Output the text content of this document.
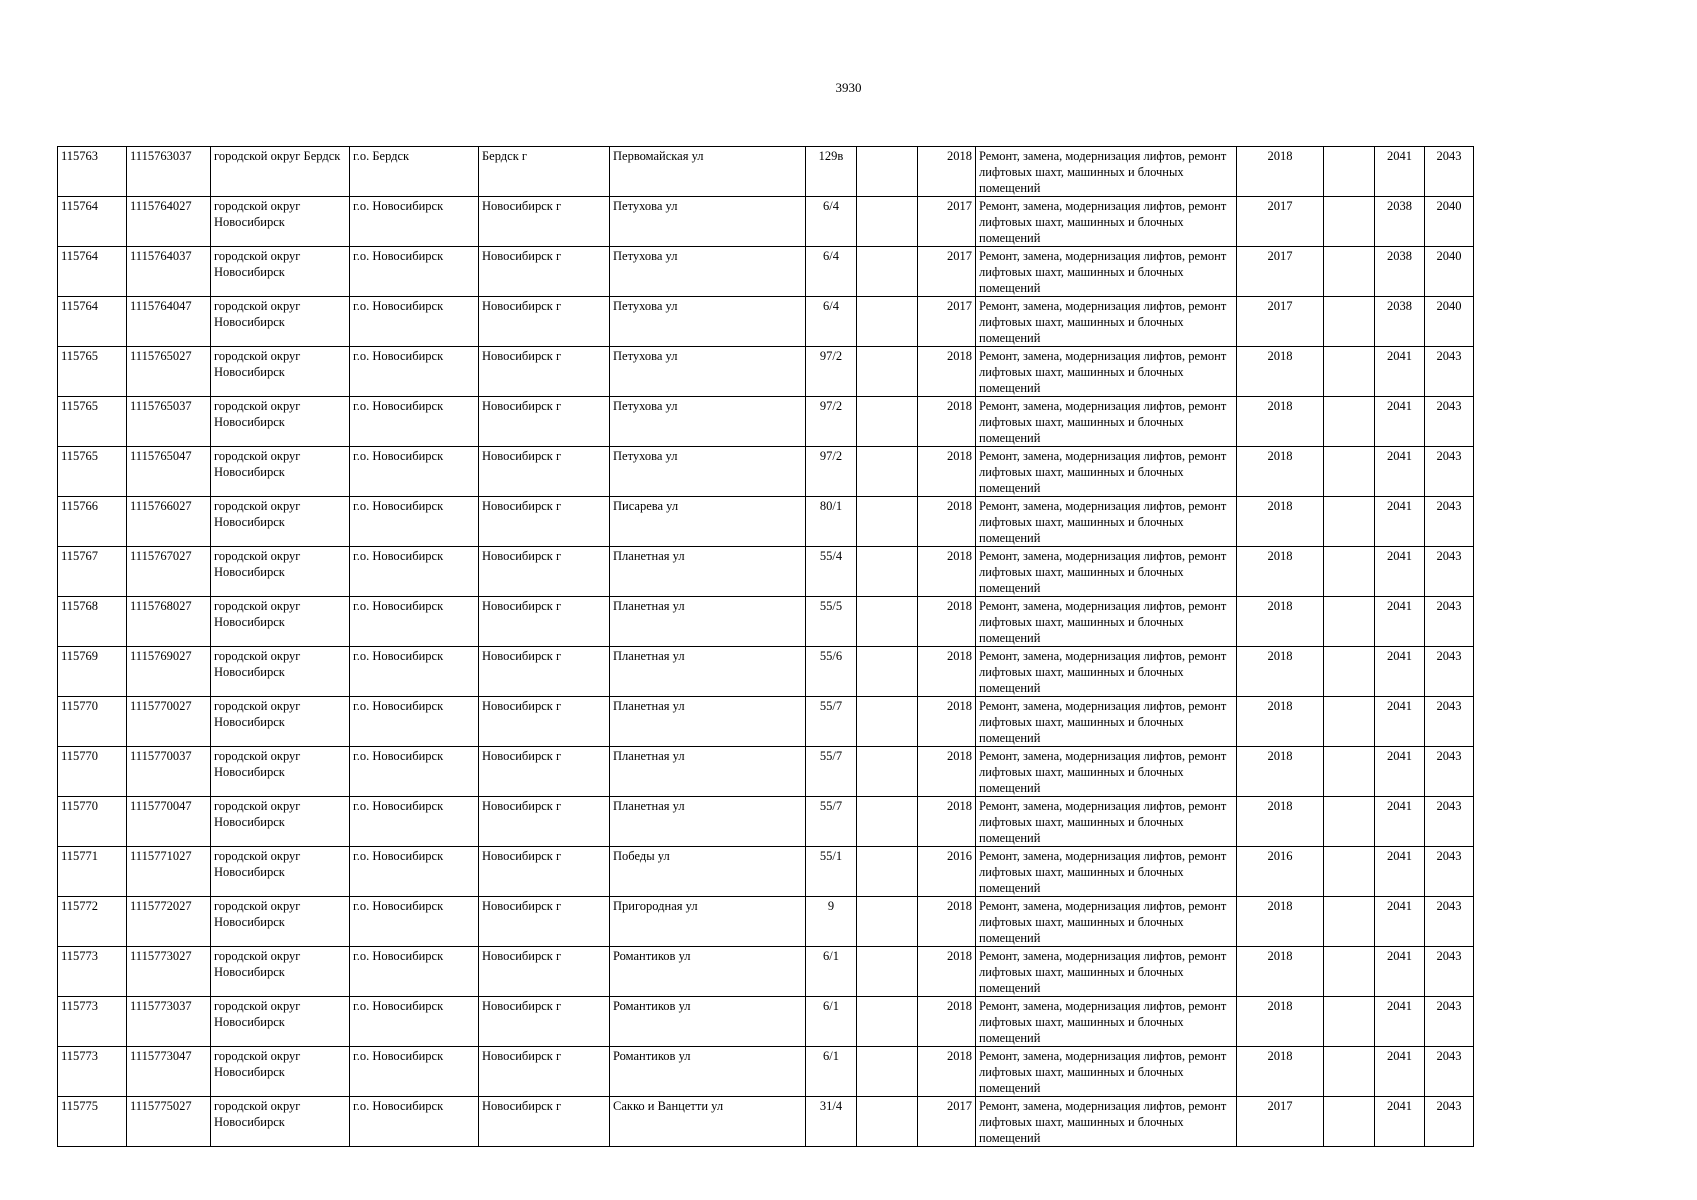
3930
115763	1115763037	городской округ Бердск	г.о. Бердск	Бердск г	Первомайская ул	129в		2018	Ремонт, замена, модернизация лифтов, ремонт лифтовых шахт, машинных и блочных помещений	2018		2041	2043
115764	1115764027	городской округ Новосибирск	г.о. Новосибирск	Новосибирск г	Петухова ул	6/4		2017	Ремонт, замена, модернизация лифтов, ремонт лифтовых шахт, машинных и блочных помещений	2017		2038	2040
115764	1115764037	городской округ Новосибирск	г.о. Новосибирск	Новосибирск г	Петухова ул	6/4		2017	Ремонт, замена, модернизация лифтов, ремонт лифтовых шахт, машинных и блочных помещений	2017		2038	2040
115764	1115764047	городской округ Новосибирск	г.о. Новосибирск	Новосибирск г	Петухова ул	6/4		2017	Ремонт, замена, модернизация лифтов, ремонт лифтовых шахт, машинных и блочных помещений	2017		2038	2040
115765	1115765027	городской округ Новосибирск	г.о. Новосибирск	Новосибирск г	Петухова ул	97/2		2018	Ремонт, замена, модернизация лифтов, ремонт лифтовых шахт, машинных и блочных помещений	2018		2041	2043
115765	1115765037	городской округ Новосибирск	г.о. Новосибирск	Новосибирск г	Петухова ул	97/2		2018	Ремонт, замена, модернизация лифтов, ремонт лифтовых шахт, машинных и блочных помещений	2018		2041	2043
115765	1115765047	городской округ Новосибирск	г.о. Новосибирск	Новосибирск г	Петухова ул	97/2		2018	Ремонт, замена, модернизация лифтов, ремонт лифтовых шахт, машинных и блочных помещений	2018		2041	2043
115766	1115766027	городской округ Новосибирск	г.о. Новосибирск	Новосибирск г	Писарева ул	80/1		2018	Ремонт, замена, модернизация лифтов, ремонт лифтовых шахт, машинных и блочных помещений	2018		2041	2043
115767	1115767027	городской округ Новосибирск	г.о. Новосибирск	Новосибирск г	Планетная ул	55/4		2018	Ремонт, замена, модернизация лифтов, ремонт лифтовых шахт, машинных и блочных помещений	2018		2041	2043
115768	1115768027	городской округ Новосибирск	г.о. Новосибирск	Новосибирск г	Планетная ул	55/5		2018	Ремонт, замена, модернизация лифтов, ремонт лифтовых шахт, машинных и блочных помещений	2018		2041	2043
115769	1115769027	городской округ Новосибирск	г.о. Новосибирск	Новосибирск г	Планетная ул	55/6		2018	Ремонт, замена, модернизация лифтов, ремонт лифтовых шахт, машинных и блочных помещений	2018		2041	2043
115770	1115770027	городской округ Новосибирск	г.о. Новосибирск	Новосибирск г	Планетная ул	55/7		2018	Ремонт, замена, модернизация лифтов, ремонт лифтовых шахт, машинных и блочных помещений	2018		2041	2043
115770	1115770037	городской округ Новосибирск	г.о. Новосибирск	Новосибирск г	Планетная ул	55/7		2018	Ремонт, замена, модернизация лифтов, ремонт лифтовых шахт, машинных и блочных помещений	2018		2041	2043
115770	1115770047	городской округ Новосибирск	г.о. Новосибирск	Новосибирск г	Планетная ул	55/7		2018	Ремонт, замена, модернизация лифтов, ремонт лифтовых шахт, машинных и блочных помещений	2018		2041	2043
115771	1115771027	городской округ Новосибирск	г.о. Новосибирск	Новосибирск г	Победы ул	55/1		2016	Ремонт, замена, модернизация лифтов, ремонт лифтовых шахт, машинных и блочных помещений	2016		2041	2043
115772	1115772027	городской округ Новосибирск	г.о. Новосибирск	Новосибирск г	Пригородная ул	9		2018	Ремонт, замена, модернизация лифтов, ремонт лифтовых шахт, машинных и блочных помещений	2018		2041	2043
115773	1115773027	городской округ Новосибирск	г.о. Новосибирск	Новосибирск г	Романтиков ул	6/1		2018	Ремонт, замена, модернизация лифтов, ремонт лифтовых шахт, машинных и блочных помещений	2018		2041	2043
115773	1115773037	городской округ Новосибирск	г.о. Новосибирск	Новосибирск г	Романтиков ул	6/1		2018	Ремонт, замена, модернизация лифтов, ремонт лифтовых шахт, машинных и блочных помещений	2018		2041	2043
115773	1115773047	городской округ Новосибирск	г.о. Новосибирск	Новосибирск г	Романтиков ул	6/1		2018	Ремонт, замена, модернизация лифтов, ремонт лифтовых шахт, машинных и блочных помещений	2018		2041	2043
115775	1115775027	городской округ Новосибирск	г.о. Новосибирск	Новосибирск г	Сакко и Ванцетти ул	31/4		2017	Ремонт, замена, модернизация лифтов, ремонт лифтовых шахт, машинных и блочных помещений	2017		2041	2043
